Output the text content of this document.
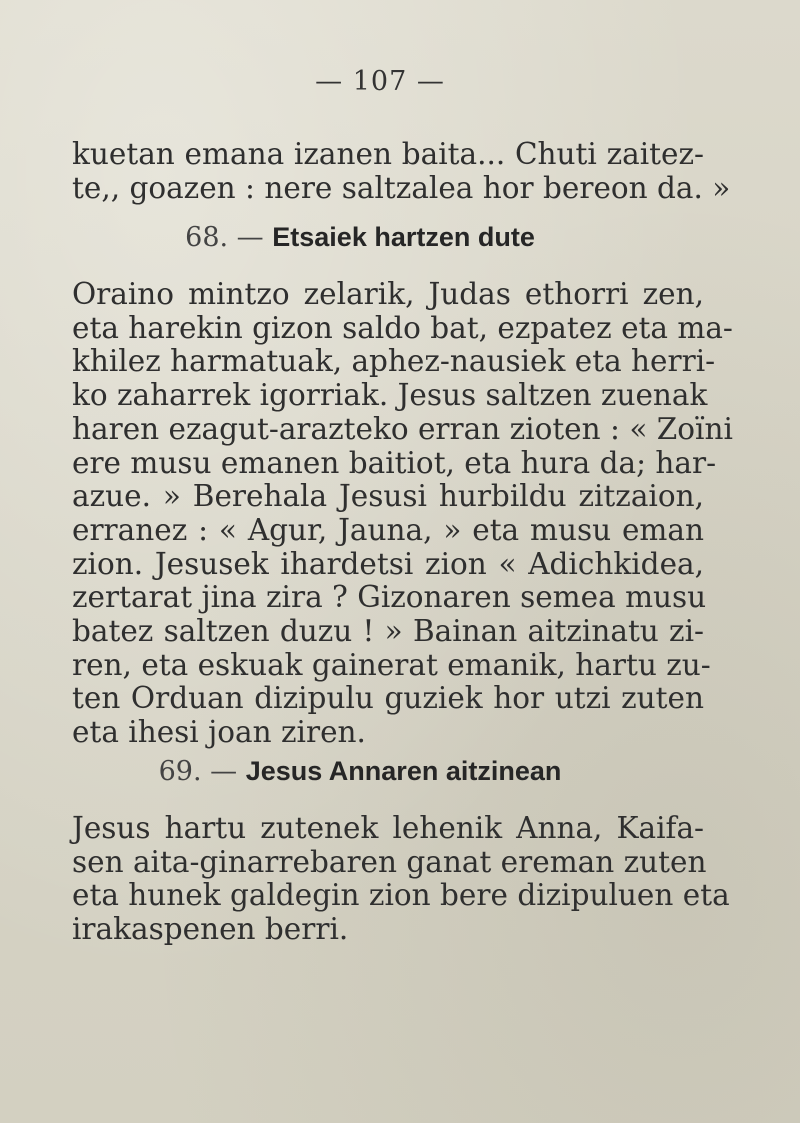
— 107 —
kuetan emana izanen baita... Chuti zaitez-
te,, goazen : nere saltzalea hor bereon da. »
68. — Etsaiek hartzen dute
Oraino mintzo zelarik, Judas ethorri zen,
eta harekin gizon saldo bat, ezpatez eta ma-
khilez harmatuak, aphez-nausiek eta herri-
ko zaharrek igorriak. Jesus saltzen zuenak
haren ezagut-arazteko erran zioten : « Zoïni
ere musu emanen baitiot, eta hura da; har-
azue. » Berehala Jesusi hurbildu zitzaion,
erranez : « Agur, Jauna, » eta musu eman
zion. Jesusek ihardetsi zion « Adichkidea,
zertarat jina zira ? Gizonaren semea musu
batez saltzen duzu ! » Bainan aitzinatu zi-
ren, eta eskuak gainerat emanik, hartu zu-
ten Orduan dizipulu guziek hor utzi zuten
eta ihesi joan ziren.
69. — Jesus Annaren aitzinean
Jesus hartu zutenek lehenik Anna, Kaifa-
sen aita-ginarrebaren ganat ereman zuten
eta hunek galdegin zion bere dizipuluen eta
irakaspenen berri.
